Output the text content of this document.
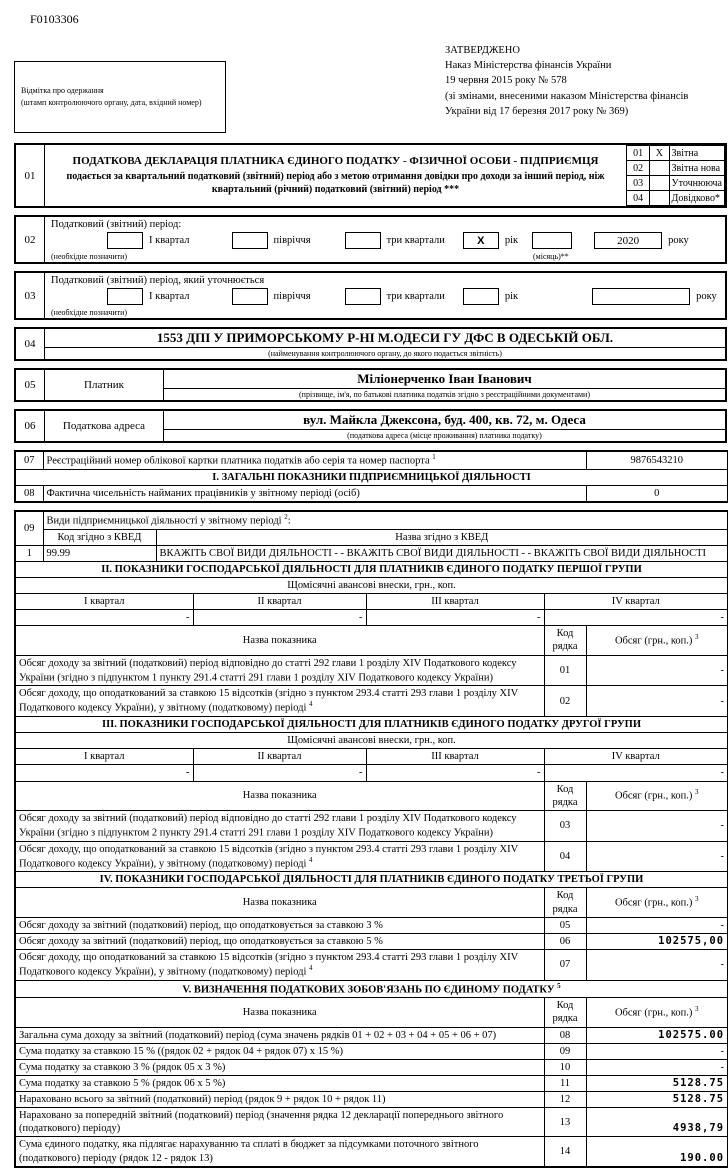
F0103306
Відмітка про одержання
(штамп контролюючого органу, дата, вхідний номер)
ЗАТВЕРДЖЕНО
Наказ Міністерства фінансів України
19 червня 2015 року № 578
(зі змінами, внесеними наказом Міністерства фінансів
України від 17 березня 2017 року № 369)
01
ПОДАТКОВА ДЕКЛАРАЦІЯ ПЛАТНИКА ЄДИНОГО ПОДАТКУ - ФІЗИЧНОЇ ОСОБИ - ПІДПРИЄМЦЯ
подається за квартальний податковий (звітний) період або з метою отримання довідки про доходи за інший період, ніж квартальний (річний) податковий (звітний) період ***
01	X	Звітна
02		Звітна нова
03		Уточнююча
04		Довідково*
02
Податковий (звітний) період:
І квартал	півріччя	три квартали	X	рік	2020	року
(необхідне позначити)	(місяць)**
03
Податковий (звітний) період, який уточнюється
І квартал	півріччя	три квартали	рік	року
(необхідне позначити)
04	1553 ДПІ У ПРИМОРСЬКОМУ Р-НІ М.ОДЕСИ ГУ ДФС В ОДЕСЬКІЙ ОБЛ.
(найменування контролюючого органу, до якого подається звітність)
05	Платник	Міліонерченко Іван Іванович
(прізвище, ім'я, по батькові платника податків згідно з реєстраційними документами)
06	Податкова адреса	вул. Майкла Джексона, буд. 400, кв. 72, м. Одеса
(податкова адреса (місце проживання) платника податку)
07	Реєстраційний номер облікової картки платника податків або серія та номер паспорта $^1$	9876543210
І. ЗАГАЛЬНІ ПОКАЗНИКИ ПІДПРИЄМНИЦЬКОЇ ДІЯЛЬНОСТІ		
08	Фактична чисельність найманих працівників у звітному періоді (осіб)	0
09	Види підприємницької діяльності у звітному періоді $^2$:					
	Код згідно з КВЕД	Назва згідно з КВЕД				
1	99.99	ВКАЖІТЬ СВОЇ ВИДИ ДІЯЛЬНОСТІ - - ВКАЖІТЬ СВОЇ ВИДИ ДІЯЛЬНОСТІ - - ВКАЖІТЬ СВОЇ ВИДИ ДІЯЛЬНОСТІ				
ІІ. ПОКАЗНИКИ ГОСПОДАРСЬКОЇ ДІЯЛЬНОСТІ ДЛЯ ПЛАТНИКІВ ЄДИНОГО ПОДАТКУ ПЕРШОЇ ГРУПИ						
Щомісячні авансові внески, грн., коп.						
І квартал			ІІ квартал	ІІІ квартал	IV квартал	
-			-	-	-	
Назва показника					Код рядка	Обсяг (грн., коп.) $^3$
Обсяг доходу за звітний (податковий) період відповідно до статті 292 глави 1 розділу XIV Податкового кодексу України (згідно з підпунктом 1 пункту 291.4 статті 291 глави 1 розділу XIV Податкового кодексу України)					01	-
Обсяг доходу, що оподаткований за ставкою 15 відсотків (згідно з пунктом 293.4 статті 293 глави 1 розділу XIV Податкового кодексу України), у звітному (податковому) періоді $^4$					02	-
ІІІ. ПОКАЗНИКИ ГОСПОДАРСЬКОЇ ДІЯЛЬНОСТІ ДЛЯ ПЛАТНИКІВ ЄДИНОГО ПОДАТКУ ДРУГОЇ ГРУПИ						
Щомісячні авансові внески, грн., коп.						
І квартал			ІІ квартал	ІІІ квартал	IV квартал	
-			-	-	-	
Назва показника					Код рядка	Обсяг (грн., коп.) $^3$
Обсяг доходу за звітний (податковий) період відповідно до статті 292 глави 1 розділу XIV Податкового кодексу України (згідно з підпунктом 2 пункту 291.4 статті 291 глави 1 розділу XIV Податкового кодексу України)					03	-
Обсяг доходу, що оподаткований за ставкою 15 відсотків (згідно з пунктом 293.4 статті 293 глави 1 розділу XIV Податкового кодексу України), у звітному (податковому) періоді $^4$					04	-
IV. ПОКАЗНИКИ ГОСПОДАРСЬКОЇ ДІЯЛЬНОСТІ ДЛЯ ПЛАТНИКІВ ЄДИНОГО ПОДАТКУ ТРЕТЬОЇ ГРУПИ						
Назва показника					Код рядка	Обсяг (грн., коп.) $^3$
Обсяг доходу за звітний (податковий) період, що оподатковується за ставкою 3 %					05	-
Обсяг доходу за звітний (податковий) період, що оподатковується за ставкою 5 %					06	102575,00
Обсяг доходу, що оподаткований за ставкою 15 відсотків (згідно з пунктом 293.4 статті 293 глави 1 розділу XIV Податкового кодексу України), у звітному (податковому) періоді $^4$					07	-
V. ВИЗНАЧЕННЯ ПОДАТКОВИХ ЗОБОВ'ЯЗАНЬ ПО ЄДИНОМУ ПОДАТКУ $^5$
Назва показника					Код рядка	Обсяг (грн., коп.) $^3$
Загальна сума доходу за звітний (податковий) період (сума значень рядків 01 + 02 + 03 + 04 + 05 + 06 + 07)					08	102575.00
Сума податку за ставкою 15 % ((рядок 02 + рядок 04 + рядок 07) х 15 %)					09	-
Сума податку за ставкою 3 % (рядок 05 х 3 %)					10	-
Сума податку за ставкою 5 % (рядок 06 х 5 %)					11	5128.75
Нараховано всього за звітний (податковий) період (рядок 9 + рядок 10 + рядок 11)					12	5128.75
Нараховано за попередній звітний (податковий) період (значення рядка 12 декларації попереднього звітного (податкового) періоду)					13	4938,79
Сума єдиного податку, яка підлягає нарахуванню та сплаті в бюджет за підсумками поточного звітного (податкового) періоду (рядок 12 - рядок 13)					14	190.00
